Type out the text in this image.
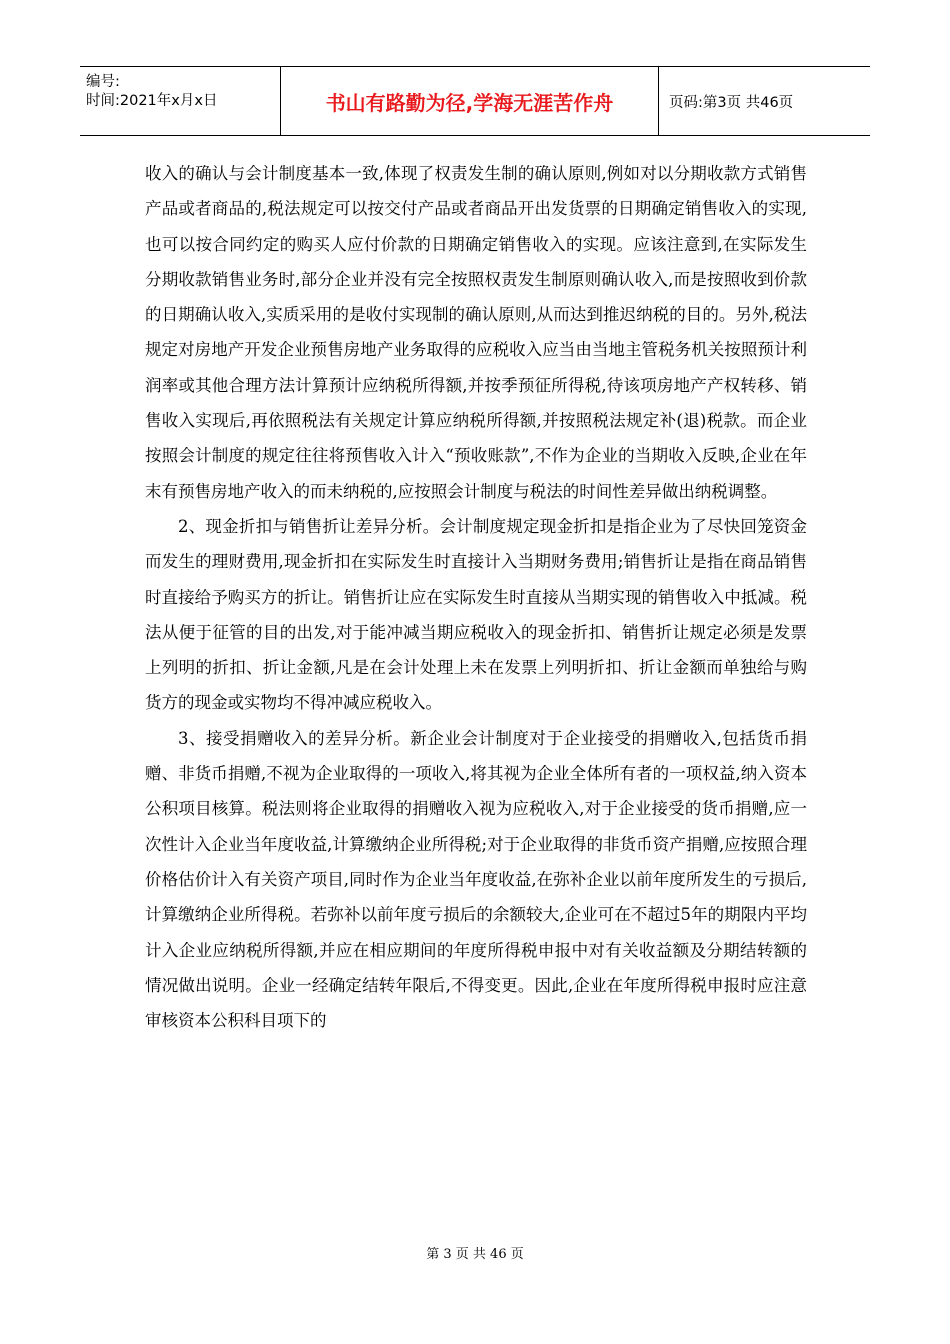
编号:
时间:2021年x月x日	书山有路勤为径,学海无涯苦作舟	页码:第3页 共46页

收入的确认与会计制度基本一致,体现了权责发生制的确认原则,例如对以分期收款方式销售产品或者商品的,税法规定可以按交付产品或者商品开出发货票的日期确定销售收入的实现,也可以按合同约定的购买人应付价款的日期确定销售收入的实现。应该注意到,在实际发生分期收款销售业务时,部分企业并没有完全按照权责发生制原则确认收入,而是按照收到价款的日期确认收入,实质采用的是收付实现制的确认原则,从而达到推迟纳税的目的。另外,税法规定对房地产开发企业预售房地产业务取得的应税收入应当由当地主管税务机关按照预计利润率或其他合理方法计算预计应纳税所得额,并按季预征所得税,待该项房地产产权转移、销售收入实现后,再依照税法有关规定计算应纳税所得额,并按照税法规定补(退)税款。而企业按照会计制度的规定往往将预售收入计入“预收账款”,不作为企业的当期收入反映,企业在年末有预售房地产收入的而未纳税的,应按照会计制度与税法的时间性差异做出纳税调整。

2、现金折扣与销售折让差异分析。会计制度规定现金折扣是指企业为了尽快回笼资金而发生的理财费用,现金折扣在实际发生时直接计入当期财务费用;销售折让是指在商品销售时直接给予购买方的折让。销售折让应在实际发生时直接从当期实现的销售收入中抵减。税法从便于征管的目的出发,对于能冲减当期应税收入的现金折扣、销售折让规定必须是发票上列明的折扣、折让金额,凡是在会计处理上未在发票上列明折扣、折让金额而单独给与购货方的现金或实物均不得冲减应税收入。

3、接受捐赠收入的差异分析。新企业会计制度对于企业接受的捐赠收入,包括货币捐赠、非货币捐赠,不视为企业取得的一项收入,将其视为企业全体所有者的一项权益,纳入资本公积项目核算。税法则将企业取得的捐赠收入视为应税收入,对于企业接受的货币捐赠,应一次性计入企业当年度收益,计算缴纳企业所得税;对于企业取得的非货币资产捐赠,应按照合理价格估价计入有关资产项目,同时作为企业当年度收益,在弥补企业以前年度所发生的亏损后,计算缴纳企业所得税。若弥补以前年度亏损后的余额较大,企业可在不超过5年的期限内平均计入企业应纳税所得额,并应在相应期间的年度所得税申报中对有关收益额及分期结转额的情况做出说明。企业一经确定结转年限后,不得变更。因此,企业在年度所得税申报时应注意审核资本公积科目项下的

第 3 页 共 46 页
